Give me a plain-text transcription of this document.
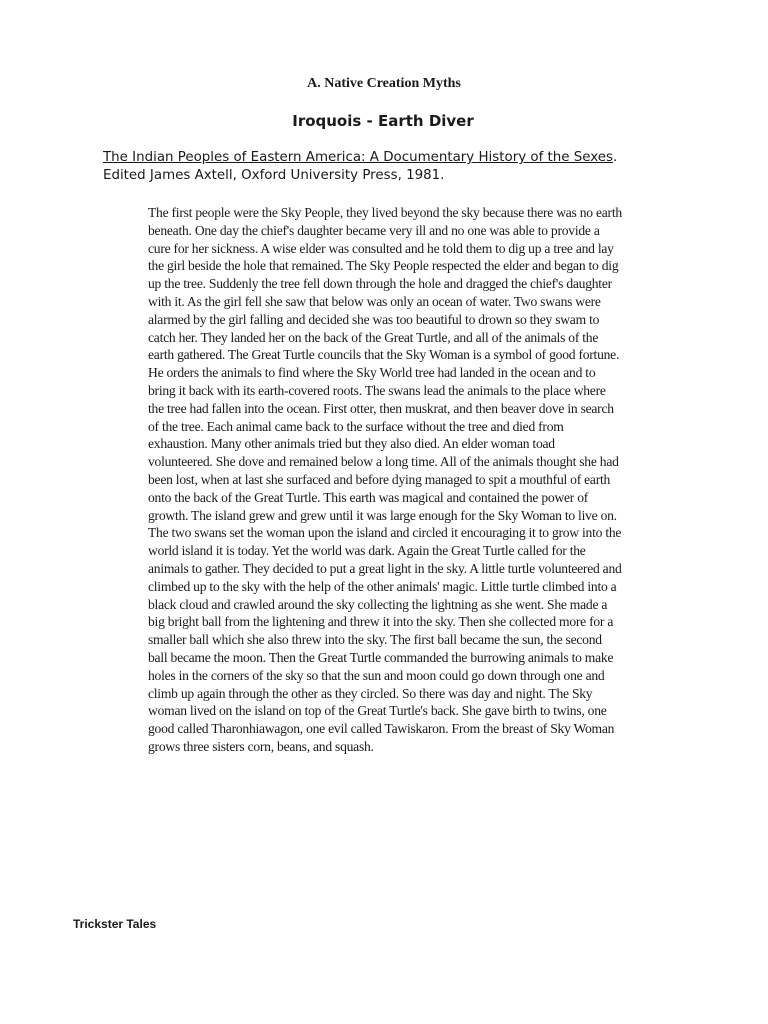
A. Native Creation Myths
Iroquois - Earth Diver

The Indian Peoples of Eastern America: A Documentary History of the Sexes. Edited James Axtell, Oxford University Press, 1981.

The first people were the Sky People, they lived beyond the sky because there was no earth beneath. One day the chief's daughter became very ill and no one was able to provide a cure for her sickness. A wise elder was consulted and he told them to dig up a tree and lay the girl beside the hole that remained. The Sky People respected the elder and began to dig up the tree. Suddenly the tree fell down through the hole and dragged the chief's daughter with it. As the girl fell she saw that below was only an ocean of water. Two swans were alarmed by the girl falling and decided she was too beautiful to drown so they swam to catch her. They landed her on the back of the Great Turtle, and all of the animals of the earth gathered. The Great Turtle councils that the Sky Woman is a symbol of good fortune. He orders the animals to find where the Sky World tree had landed in the ocean and to bring it back with its earth-covered roots. The swans lead the animals to the place where the tree had fallen into the ocean. First otter, then muskrat, and then beaver dove in search of the tree. Each animal came back to the surface without the tree and died from exhaustion. Many other animals tried but they also died. An elder woman toad volunteered. She dove and remained below a long time. All of the animals thought she had been lost, when at last she surfaced and before dying managed to spit a mouthful of earth onto the back of the Great Turtle. This earth was magical and contained the power of growth. The island grew and grew until it was large enough for the Sky Woman to live on. The two swans set the woman upon the island and circled it encouraging it to grow into the world island it is today. Yet the world was dark. Again the Great Turtle called for the animals to gather. They decided to put a great light in the sky. A little turtle volunteered and climbed up to the sky with the help of the other animals' magic. Little turtle climbed into a black cloud and crawled around the sky collecting the lightning as she went. She made a big bright ball from the lightening and threw it into the sky. Then she collected more for a smaller ball which she also threw into the sky. The first ball became the sun, the second ball became the moon. Then the Great Turtle commanded the burrowing animals to make holes in the corners of the sky so that the sun and moon could go down through one and climb up again through the other as they circled. So there was day and night. The Sky woman lived on the island on top of the Great Turtle's back. She gave birth to twins, one good called Tharonhiawagon, one evil called Tawiskaron. From the breast of Sky Woman grows three sisters corn, beans, and squash.

Trickster Tales
